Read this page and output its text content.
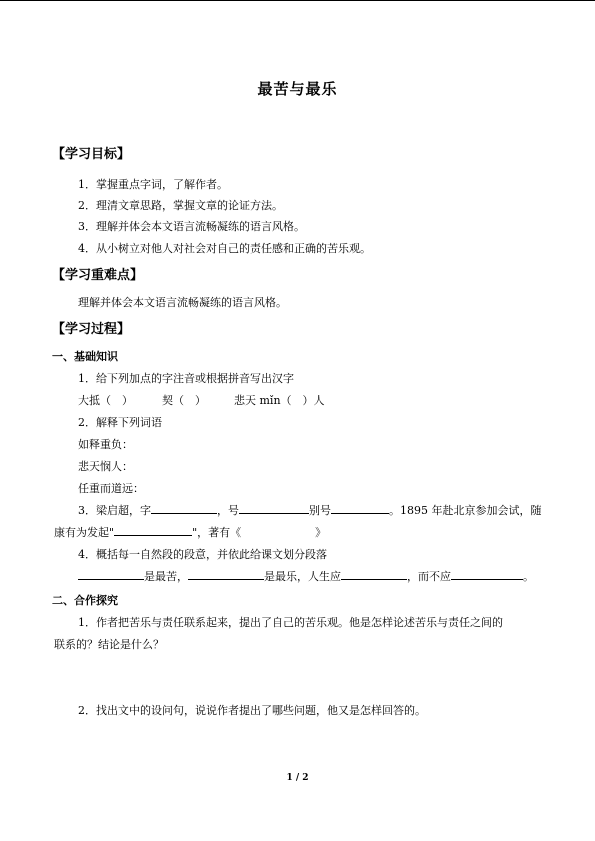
最苦与最乐
【学习目标】
1．掌握重点字词，了解作者。
2．理清文章思路，掌握文章的论证方法。
3．理解并体会本文语言流畅凝练的语言风格。
4．从小树立对他人对社会对自己的责任感和正确的苦乐观。
【学习重难点】
理解并体会本文语言流畅凝练的语言风格。
【学习过程】
一、基础知识
1．给下列加点的字注音或根据拼音写出汉字
大抵（　）	契（　）	悲天 mǐn（　）人
2．解释下列词语
如释重负：
悲天悯人：
任重而道远：
3．梁启超，字	，号	别号	。1895 年赴北京参加会试，随
康有为发起"	"，著有《	》
4．概括每一自然段的段意，并依此给课文划分段落
是最苦，	是最乐，人生应	，而不应	。
二、合作探究
1．作者把苦乐与责任联系起来，提出了自己的苦乐观。他是怎样论述苦乐与责任之间的
联系的？结论是什么？
2．找出文中的设问句，说说作者提出了哪些问题，他又是怎样回答的。
1 / 2
